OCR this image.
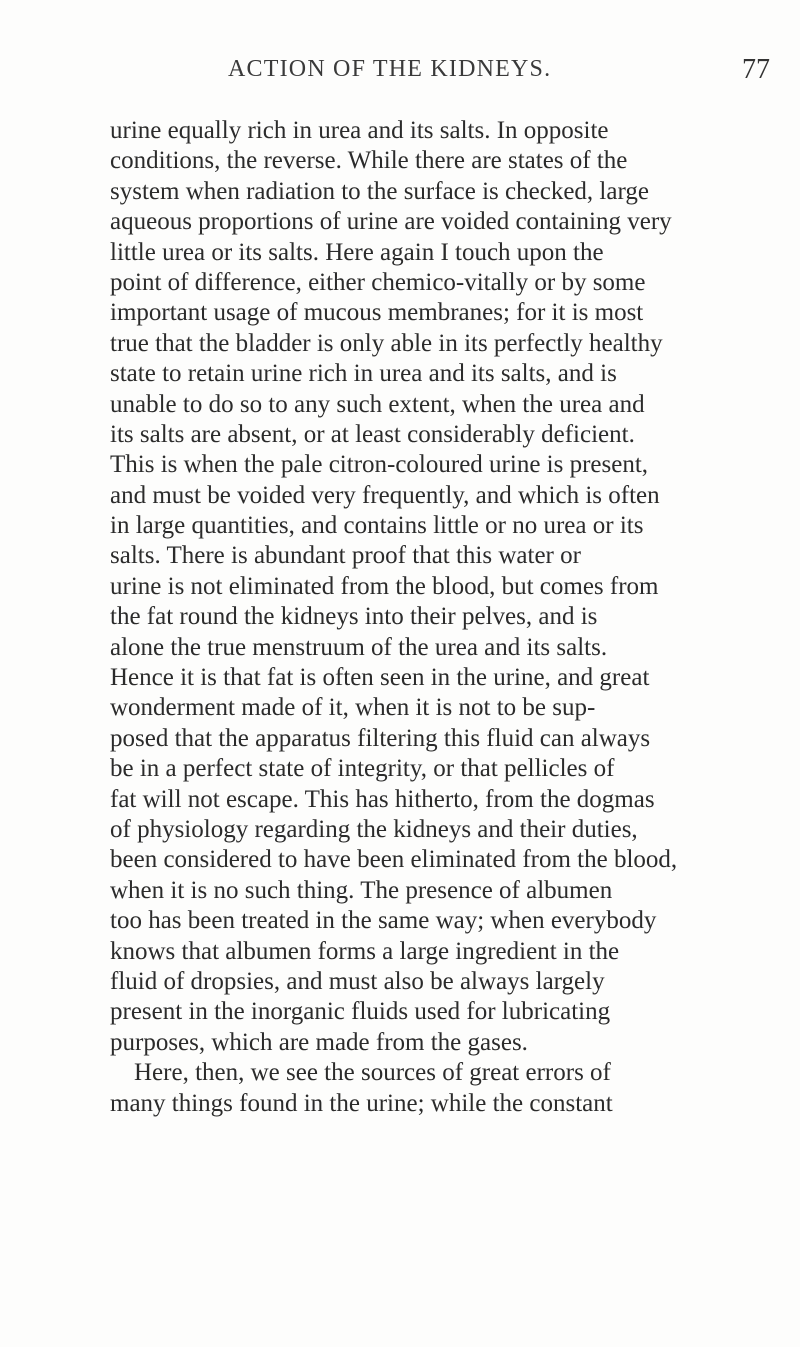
ACTION OF THE KIDNEYS.	77
urine equally rich in urea and its salts. In opposite
conditions, the reverse. While there are states of the
system when radiation to the surface is checked, large
aqueous proportions of urine are voided containing very
little urea or its salts. Here again I touch upon the
point of difference, either chemico-vitally or by some
important usage of mucous membranes; for it is most
true that the bladder is only able in its perfectly healthy
state to retain urine rich in urea and its salts, and is
unable to do so to any such extent, when the urea and
its salts are absent, or at least considerably deficient.
This is when the pale citron-coloured urine is present,
and must be voided very frequently, and which is often
in large quantities, and contains little or no urea or its
salts. There is abundant proof that this water or
urine is not eliminated from the blood, but comes from
the fat round the kidneys into their pelves, and is
alone the true menstruum of the urea and its salts.
Hence it is that fat is often seen in the urine, and great
wonderment made of it, when it is not to be sup-
posed that the apparatus filtering this fluid can always
be in a perfect state of integrity, or that pellicles of
fat will not escape. This has hitherto, from the dogmas
of physiology regarding the kidneys and their duties,
been considered to have been eliminated from the blood,
when it is no such thing. The presence of albumen
too has been treated in the same way; when everybody
knows that albumen forms a large ingredient in the
fluid of dropsies, and must also be always largely
present in the inorganic fluids used for lubricating
purposes, which are made from the gases.
Here, then, we see the sources of great errors of
many things found in the urine; while the constant
